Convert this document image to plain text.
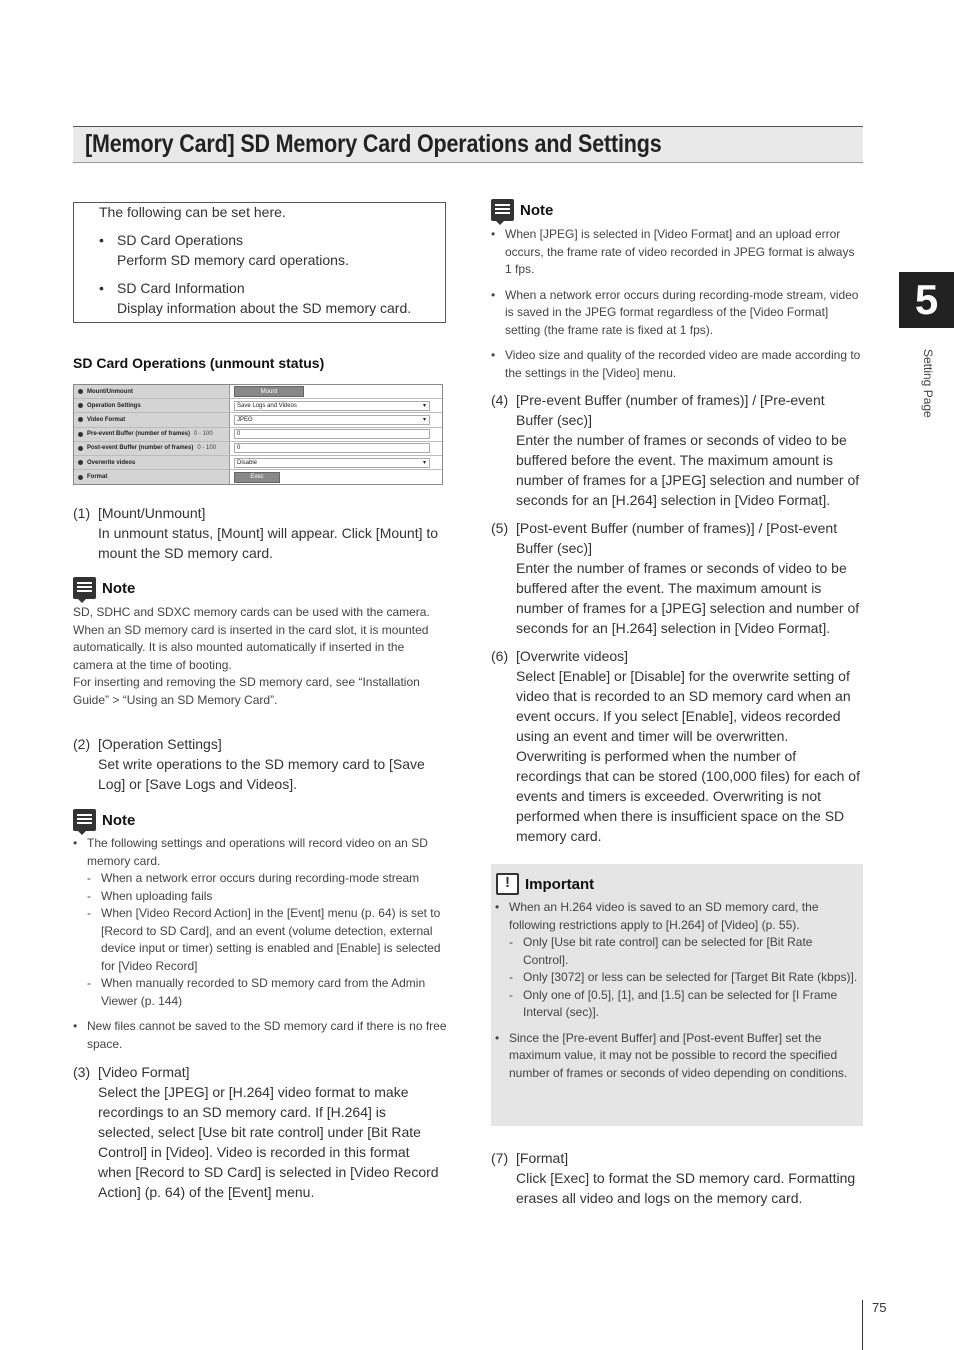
[Memory Card] SD Memory Card Operations and Settings
5
Setting Page

The following can be set here.

• SD Card Operations
Perform SD memory card operations.
• SD Card Information
Display information about the SD memory card.
SD Card Operations (unmount status)
Mount/Unmount	Mount
Operation Settings	Save Logs and Videos	▾
Video Format	JPEG	▾
Pre-event Buffer (number of frames) 0 - 100	0
Post-event Buffer (number of frames) 0 - 100	0
Overwrite videos	Disable	▾
Format	Exec
(1) [Mount/Unmount]
In unmount status, [Mount] will appear. Click [Mount] to mount the SD memory card.
Note

SD, SDHC and SDXC memory cards can be used with the camera.

When an SD memory card is inserted in the card slot, it is mounted automatically. It is also mounted automatically if inserted in the camera at the time of booting.

For inserting and removing the SD memory card, see “Installation Guide” > “Using an SD Memory Card”.

(2) [Operation Settings]
Set write operations to the SD memory card to [Save Log] or [Save Logs and Videos].
Note
• The following settings and operations will record video on an SD memory card.
- When a network error occurs during recording-mode stream
- When uploading fails
- When [Video Record Action] in the [Event] menu (p. 64) is set to [Record to SD Card], and an event (volume detection, external device input or timer) setting is enabled and [Enable] is selected for [Video Record]
- When manually recorded to SD memory card from the Admin Viewer (p. 144)
• New files cannot be saved to the SD memory card if there is no free space.
(3) [Video Format]
Select the [JPEG] or [H.264] video format to make recordings to an SD memory card. If [H.264] is selected, select [Use bit rate control] under [Bit Rate Control] in [Video]. Video is recorded in this format when [Record to SD Card] is selected in [Video Record Action] (p. 64) of the [Event] menu.
Note
• When [JPEG] is selected in [Video Format] and an upload error occurs, the frame rate of video recorded in JPEG format is always 1 fps.
• When a network error occurs during recording-mode stream, video is saved in the JPEG format regardless of the [Video Format] setting (the frame rate is fixed at 1 fps).
• Video size and quality of the recorded video are made according to the settings in the [Video] menu.
(4) [Pre-event Buffer (number of frames)] / [Pre-event Buffer (sec)]
Enter the number of frames or seconds of video to be buffered before the event. The maximum amount is number of frames for a [JPEG] selection and number of seconds for an [H.264] selection in [Video Format].
(5) [Post-event Buffer (number of frames)] / [Post-event Buffer (sec)]
Enter the number of frames or seconds of video to be buffered after the event. The maximum amount is number of frames for a [JPEG] selection and number of seconds for an [H.264] selection in [Video Format].
(6) [Overwrite videos]
Select [Enable] or [Disable] for the overwrite setting of video that is recorded to an SD memory card when an event occurs. If you select [Enable], videos recorded using an event and timer will be overwritten. Overwriting is performed when the number of recordings that can be stored (100,000 files) for each of events and timers is exceeded. Overwriting is not performed when there is insufficient space on the SD memory card.
!
Important
• When an H.264 video is saved to an SD memory card, the following restrictions apply to [H.264] of [Video] (p. 55).
- Only [Use bit rate control] can be selected for [Bit Rate Control].
- Only [3072] or less can be selected for [Target Bit Rate (kbps)].
- Only one of [0.5], [1], and [1.5] can be selected for [I Frame Interval (sec)].
• Since the [Pre-event Buffer] and [Post-event Buffer] set the maximum value, it may not be possible to record the specified number of frames or seconds of video depending on conditions.
(7) [Format]
Click [Exec] to format the SD memory card. Formatting erases all video and logs on the memory card.
75
